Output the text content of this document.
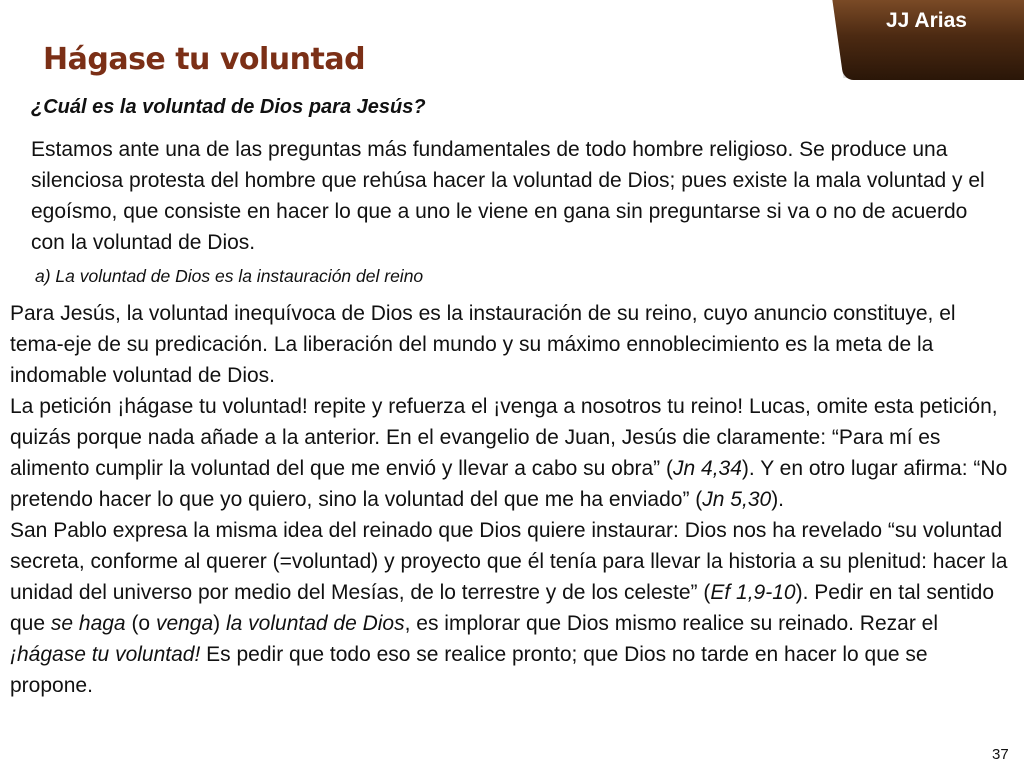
JJ Arias
Hágase tu voluntad
¿Cuál es la voluntad de Dios para Jesús?

Estamos ante una de las preguntas más fundamentales de todo hombre religioso. Se produce una silenciosa protesta del hombre que rehúsa hacer la voluntad de Dios; pues existe la mala voluntad y el egoísmo, que consiste en hacer lo que a uno le viene en gana sin preguntarse si va o no de acuerdo con la voluntad de Dios.

a) La voluntad de Dios es la instauración del reino

Para Jesús, la voluntad inequívoca de Dios es la instauración de su reino, cuyo anuncio constituye, el tema-eje de su predicación. La liberación del mundo y su máximo ennoblecimiento es la meta de la indomable voluntad de Dios.

La petición ¡hágase tu voluntad! repite y refuerza el ¡venga a nosotros tu reino! Lucas, omite esta petición, quizás porque nada añade a la anterior. En el evangelio de Juan, Jesús die claramente: “Para mí es alimento cumplir la voluntad del que me envió y llevar a cabo su obra” (Jn 4,34). Y en otro lugar afirma: “No pretendo hacer lo que yo quiero, sino la voluntad del que me ha enviado” (Jn 5,30).

San Pablo expresa la misma idea del reinado que Dios quiere instaurar: Dios nos ha revelado “su voluntad secreta, conforme al querer (=voluntad) y proyecto que él tenía para llevar la historia a su plenitud: hacer la unidad del universo por medio del Mesías, de lo terrestre y de los celeste” (Ef 1,9-10). Pedir en tal sentido que se haga (o venga) la voluntad de Dios, es implorar que Dios mismo realice su reinado. Rezar el ¡hágase tu voluntad! Es pedir que todo eso se realice pronto; que Dios no tarde en hacer lo que se propone.

37
